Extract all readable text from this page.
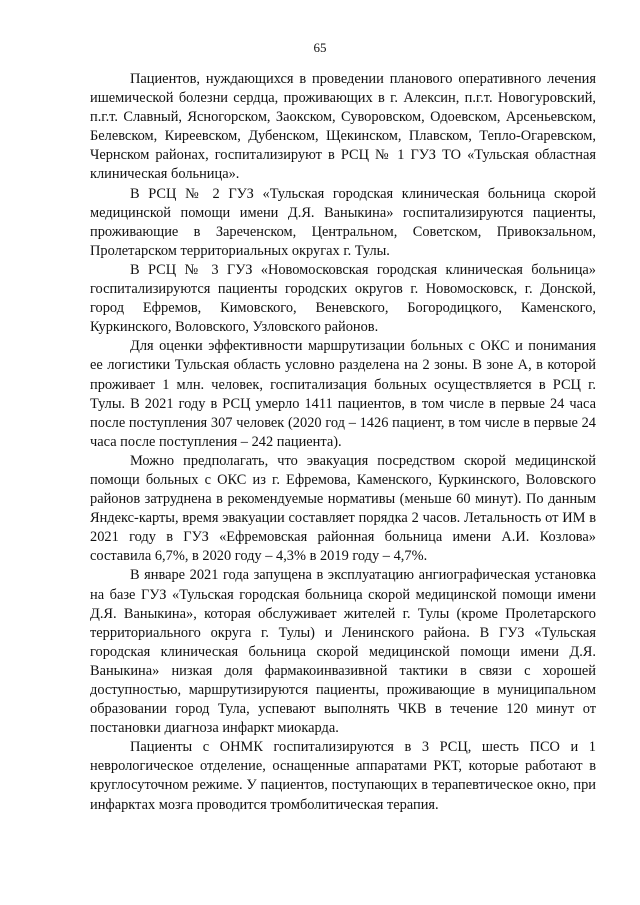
65

Пациентов, нуждающихся в проведении планового оперативного лечения ишемической болезни сердца, проживающих в г. Алексин, п.г.т. Новогуровский, п.г.т. Славный, Ясногорском, Заокском, Суворовском, Одоевском, Арсеньевском, Белевском, Киреевском, Дубенском, Щекинском, Плавском, Тепло-Огаревском, Чернском районах, госпитализируют в РСЦ № 1 ГУЗ ТО «Тульская областная клиническая больница».

В РСЦ № 2 ГУЗ «Тульская городская клиническая больница скорой медицинской помощи имени Д.Я. Ваныкина» госпитализируются пациенты, проживающие в Зареченском, Центральном, Советском, Привокзальном, Пролетарском территориальных округах г. Тулы.

В РСЦ № 3 ГУЗ «Новомосковская городская клиническая больница» госпитализируются пациенты городских округов г. Новомосковск, г. Донской, город Ефремов, Кимовского, Веневского, Богородицкого, Каменского, Куркинского, Воловского, Узловского районов.

Для оценки эффективности маршрутизации больных с ОКС и понимания ее логистики Тульская область условно разделена на 2 зоны. В зоне А, в которой проживает 1 млн. человек, госпитализация больных осуществляется в РСЦ г. Тулы. В 2021 году в РСЦ умерло 1411 пациентов, в том числе в первые 24 часа после поступления 307 человек (2020 год – 1426 пациент, в том числе в первые 24 часа после поступления – 242 пациента).

Можно предполагать, что эвакуация посредством скорой медицинской помощи больных с ОКС из г. Ефремова, Каменского, Куркинского, Воловского районов затруднена в рекомендуемые нормативы (меньше 60 минут). По данным Яндекс-карты, время эвакуации составляет порядка 2 часов. Летальность от ИМ в 2021 году в ГУЗ «Ефремовская районная больница имени А.И. Козлова» составила 6,7%, в 2020 году – 4,3% в 2019 году – 4,7%.

В январе 2021 года запущена в эксплуатацию ангиографическая установка на базе ГУЗ «Тульская городская больница скорой медицинской помощи имени Д.Я. Ваныкина», которая обслуживает жителей г. Тулы (кроме Пролетарского территориального округа г. Тулы) и Ленинского района. В ГУЗ «Тульская городская клиническая больница скорой медицинской помощи имени Д.Я. Ваныкина» низкая доля фармакоинвазивной тактики в связи с хорошей доступностью, маршрутизируются пациенты, проживающие в муниципальном образовании город Тула, успевают выполнять ЧКВ в течение 120 минут от постановки диагноза инфаркт миокарда.

Пациенты с ОНМК госпитализируются в 3 РСЦ, шесть ПСО и 1 неврологическое отделение, оснащенные аппаратами РКТ, которые работают в круглосуточном режиме. У пациентов, поступающих в терапевтическое окно, при инфарктах мозга проводится тромболитическая терапия.
